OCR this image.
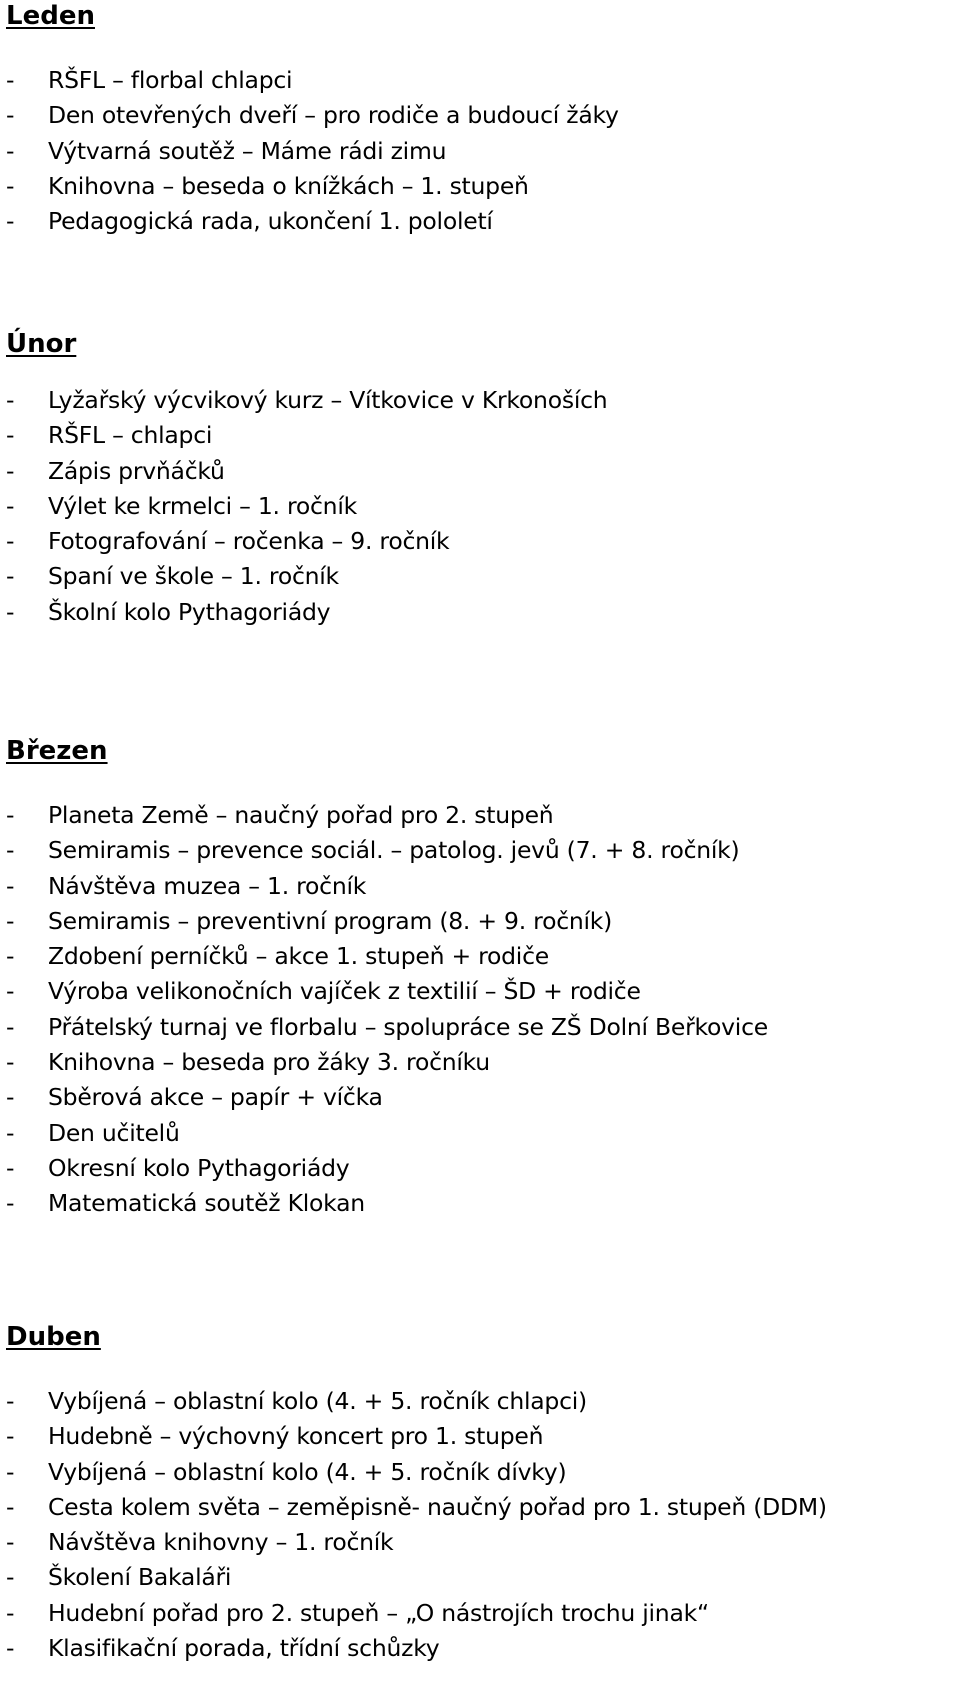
Leden
- RŠFL – florbal chlapci
- Den otevřených dveří – pro rodiče a budoucí žáky
- Výtvarná soutěž – Máme rádi zimu
- Knihovna – beseda o knížkách – 1. stupeň
- Pedagogická rada, ukončení 1. pololetí
Únor
- Lyžařský výcvikový kurz – Vítkovice v Krkonoších
- RŠFL – chlapci
- Zápis prvňáčků
- Výlet ke krmelci – 1. ročník
- Fotografování – ročenka – 9. ročník
- Spaní ve škole – 1. ročník
- Školní kolo Pythagoriády
Březen
- Planeta Země – naučný pořad pro 2. stupeň
- Semiramis – prevence sociál. – patolog. jevů (7. + 8. ročník)
- Návštěva muzea – 1. ročník
- Semiramis – preventivní program (8. + 9. ročník)
- Zdobení perníčků – akce 1. stupeň + rodiče
- Výroba velikonočních vajíček z textilií – ŠD + rodiče
- Přátelský turnaj ve florbalu – spolupráce se ZŠ Dolní Beřkovice
- Knihovna – beseda pro žáky 3. ročníku
- Sběrová akce – papír + víčka
- Den učitelů
- Okresní kolo Pythagoriády
- Matematická soutěž Klokan
Duben
- Vybíjená – oblastní kolo (4. + 5. ročník chlapci)
- Hudebně – výchovný koncert pro 1. stupeň
- Vybíjená – oblastní kolo (4. + 5. ročník dívky)
- Cesta kolem světa – zeměpisně- naučný pořad pro 1. stupeň (DDM)
- Návštěva knihovny – 1. ročník
- Školení Bakaláři
- Hudební pořad pro 2. stupeň – „O nástrojích trochu jinak“
- Klasifikační porada, třídní schůzky
